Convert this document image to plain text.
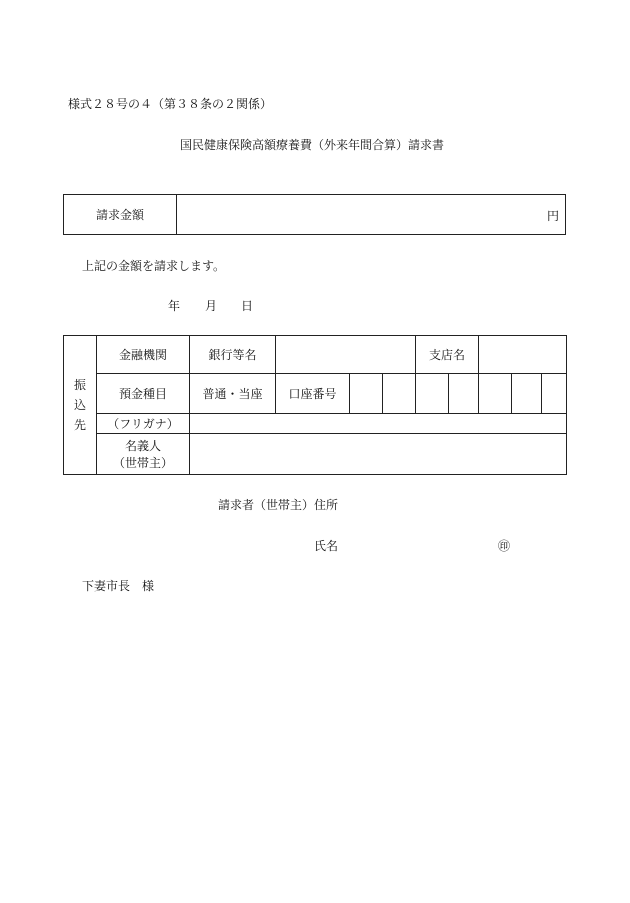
様式２８号の４（第３８条の２関係）
国民健康保険高額療養費（外来年間合算）請求書
請求金額	円
上記の金額を請求します。
年 月 日
振
込
先	金融機関	銀行等名				支店名				
	預金種目	普通・当座	口座番号							
	（フリガナ）									

	名義人
（世帯主）									

請求者（世帯主）住所
氏名	㊞
下妻市長　様
